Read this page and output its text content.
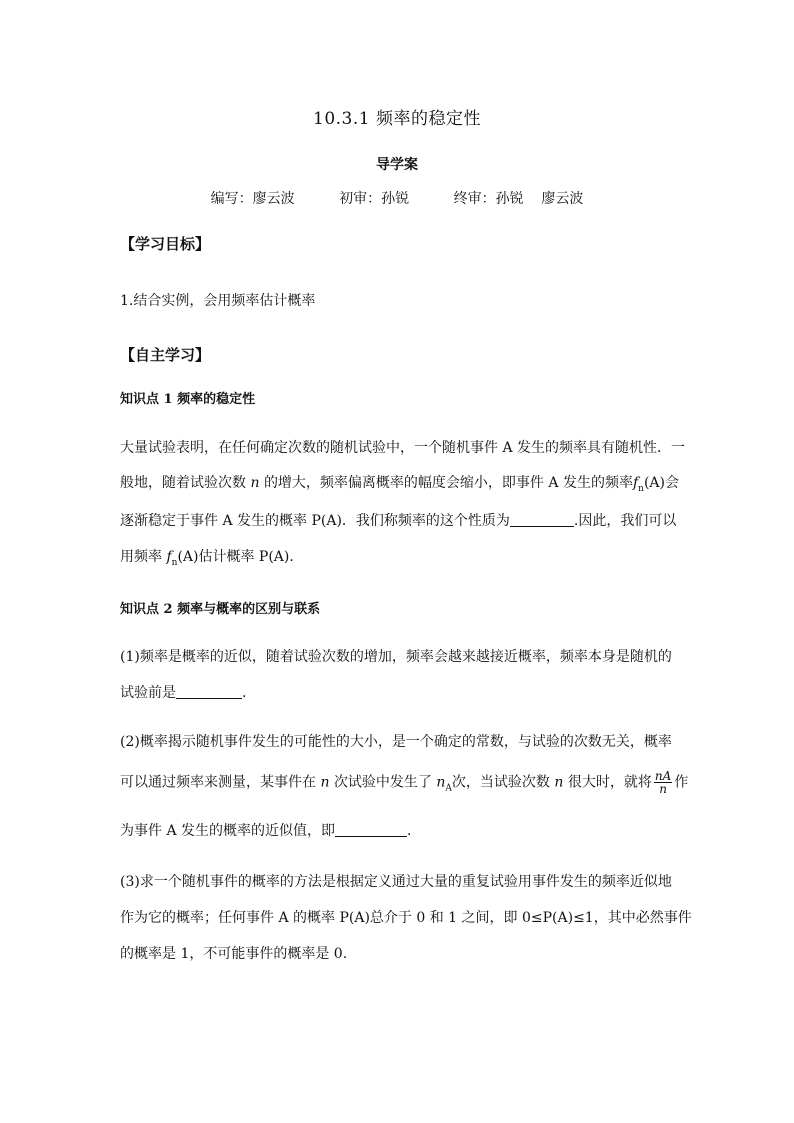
10.3.1 频率的稳定性
导学案
编写：廖云波          初审：孙锐          终审：孙锐    廖云波
【学习目标】
1.结合实例，会用频率估计概率
【自主学习】
知识点 1 频率的稳定性
大量试验表明，在任何确定次数的随机试验中，一个随机事件 A 发生的频率具有随机性．一
般地，随着试验次数 n 的增大，频率偏离概率的幅度会缩小，即事件 A 发生的频率$f_n(A)$会
逐渐稳定于事件 A 发生的概率 P(A)．我们称频率的这个性质为	.因此，我们可以
用频率 $f_n(A)$估计概率 P(A)．
知识点 2 频率与概率的区别与联系
(1)频率是概率的近似，随着试验次数的增加，频率会越来越接近概率，频率本身是随机的
试验前是	.
(2)概率揭示随机事件发生的可能性的大小，是一个确定的常数，与试验的次数无关，概率
可以通过频率来测量，某事件在 n 次试验中发生了 $n_A$次，当试验次数 n 很大时，就将 $\frac{nA}{n}$ 作
为事件 A 发生的概率的近似值，即	.
(3)求一个随机事件的概率的方法是根据定义通过大量的重复试验用事件发生的频率近似地
作为它的概率；任何事件 A 的概率 P(A)总介于 0 和 1 之间，即 0≤P(A)≤1，其中必然事件
的概率是 1，不可能事件的概率是 0.
